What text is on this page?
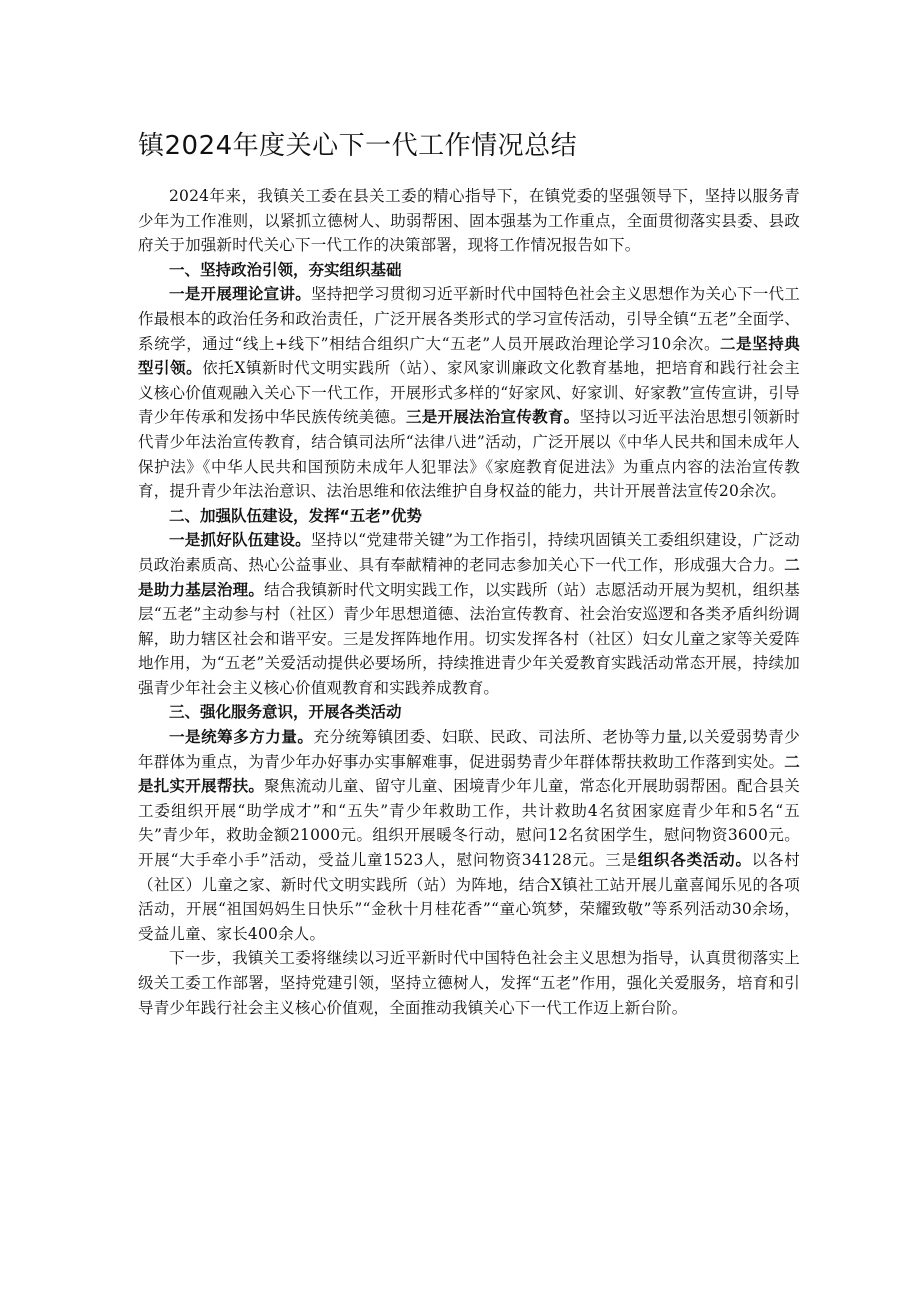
镇2024年度关心下一代工作情况总结

2024年来，我镇关工委在县关工委的精心指导下，在镇党委的坚强领导下，坚持以服务青少年为工作准则，以紧抓立德树人、助弱帮困、固本强基为工作重点，全面贯彻落实县委、县政府关于加强新时代关心下一代工作的决策部署，现将工作情况报告如下。

一、坚持政治引领，夯实组织基础

一是开展理论宣讲。坚持把学习贯彻习近平新时代中国特色社会主义思想作为关心下一代工作最根本的政治任务和政治责任，广泛开展各类形式的学习宣传活动，引导全镇“五老”全面学、系统学，通过“线上+线下”相结合组织广大“五老”人员开展政治理论学习10余次。二是坚持典型引领。依托X镇新时代文明实践所（站）、家风家训廉政文化教育基地，把培育和践行社会主义核心价值观融入关心下一代工作，开展形式多样的“好家风、好家训、好家教”宣传宣讲，引导青少年传承和发扬中华民族传统美德。三是开展法治宣传教育。坚持以习近平法治思想引领新时代青少年法治宣传教育，结合镇司法所“法律八进”活动，广泛开展以《中华人民共和国未成年人保护法》《中华人民共和国预防未成年人犯罪法》《家庭教育促进法》为重点内容的法治宣传教育，提升青少年法治意识、法治思维和依法维护自身权益的能力，共计开展普法宣传20余次。

二、加强队伍建设，发挥“五老”优势

一是抓好队伍建设。坚持以“党建带关键”为工作指引，持续巩固镇关工委组织建设，广泛动员政治素质高、热心公益事业、具有奉献精神的老同志参加关心下一代工作，形成强大合力。二是助力基层治理。结合我镇新时代文明实践工作，以实践所（站）志愿活动开展为契机，组织基层“五老”主动参与村（社区）青少年思想道德、法治宣传教育、社会治安巡逻和各类矛盾纠纷调解，助力辖区社会和谐平安。三是发挥阵地作用。切实发挥各村（社区）妇女儿童之家等关爱阵地作用，为“五老”关爱活动提供必要场所，持续推进青少年关爱教育实践活动常态开展，持续加强青少年社会主义核心价值观教育和实践养成教育。

三、强化服务意识，开展各类活动

一是统筹多方力量。充分统筹镇团委、妇联、民政、司法所、老协等力量,以关爱弱势青少年群体为重点，为青少年办好事办实事解难事，促进弱势青少年群体帮扶救助工作落到实处。二是扎实开展帮扶。聚焦流动儿童、留守儿童、困境青少年儿童，常态化开展助弱帮困。配合县关工委组织开展“助学成才”和“五失”青少年救助工作，共计救助4名贫困家庭青少年和5名“五失”青少年，救助金额21000元。组织开展暖冬行动，慰问12名贫困学生，慰问物资3600元。开展“大手牵小手”活动，受益儿童1523人，慰问物资34128元。三是组织各类活动。以各村（社区）儿童之家、新时代文明实践所（站）为阵地，结合X镇社工站开展儿童喜闻乐见的各项活动，开展“祖国妈妈生日快乐”“金秋十月桂花香”“童心筑梦，荣耀致敬”等系列活动30余场，受益儿童、家长400余人。

下一步，我镇关工委将继续以习近平新时代中国特色社会主义思想为指导，认真贯彻落实上级关工委工作部署，坚持党建引领，坚持立德树人，发挥“五老”作用，强化关爱服务，培育和引导青少年践行社会主义核心价值观，全面推动我镇关心下一代工作迈上新台阶。
